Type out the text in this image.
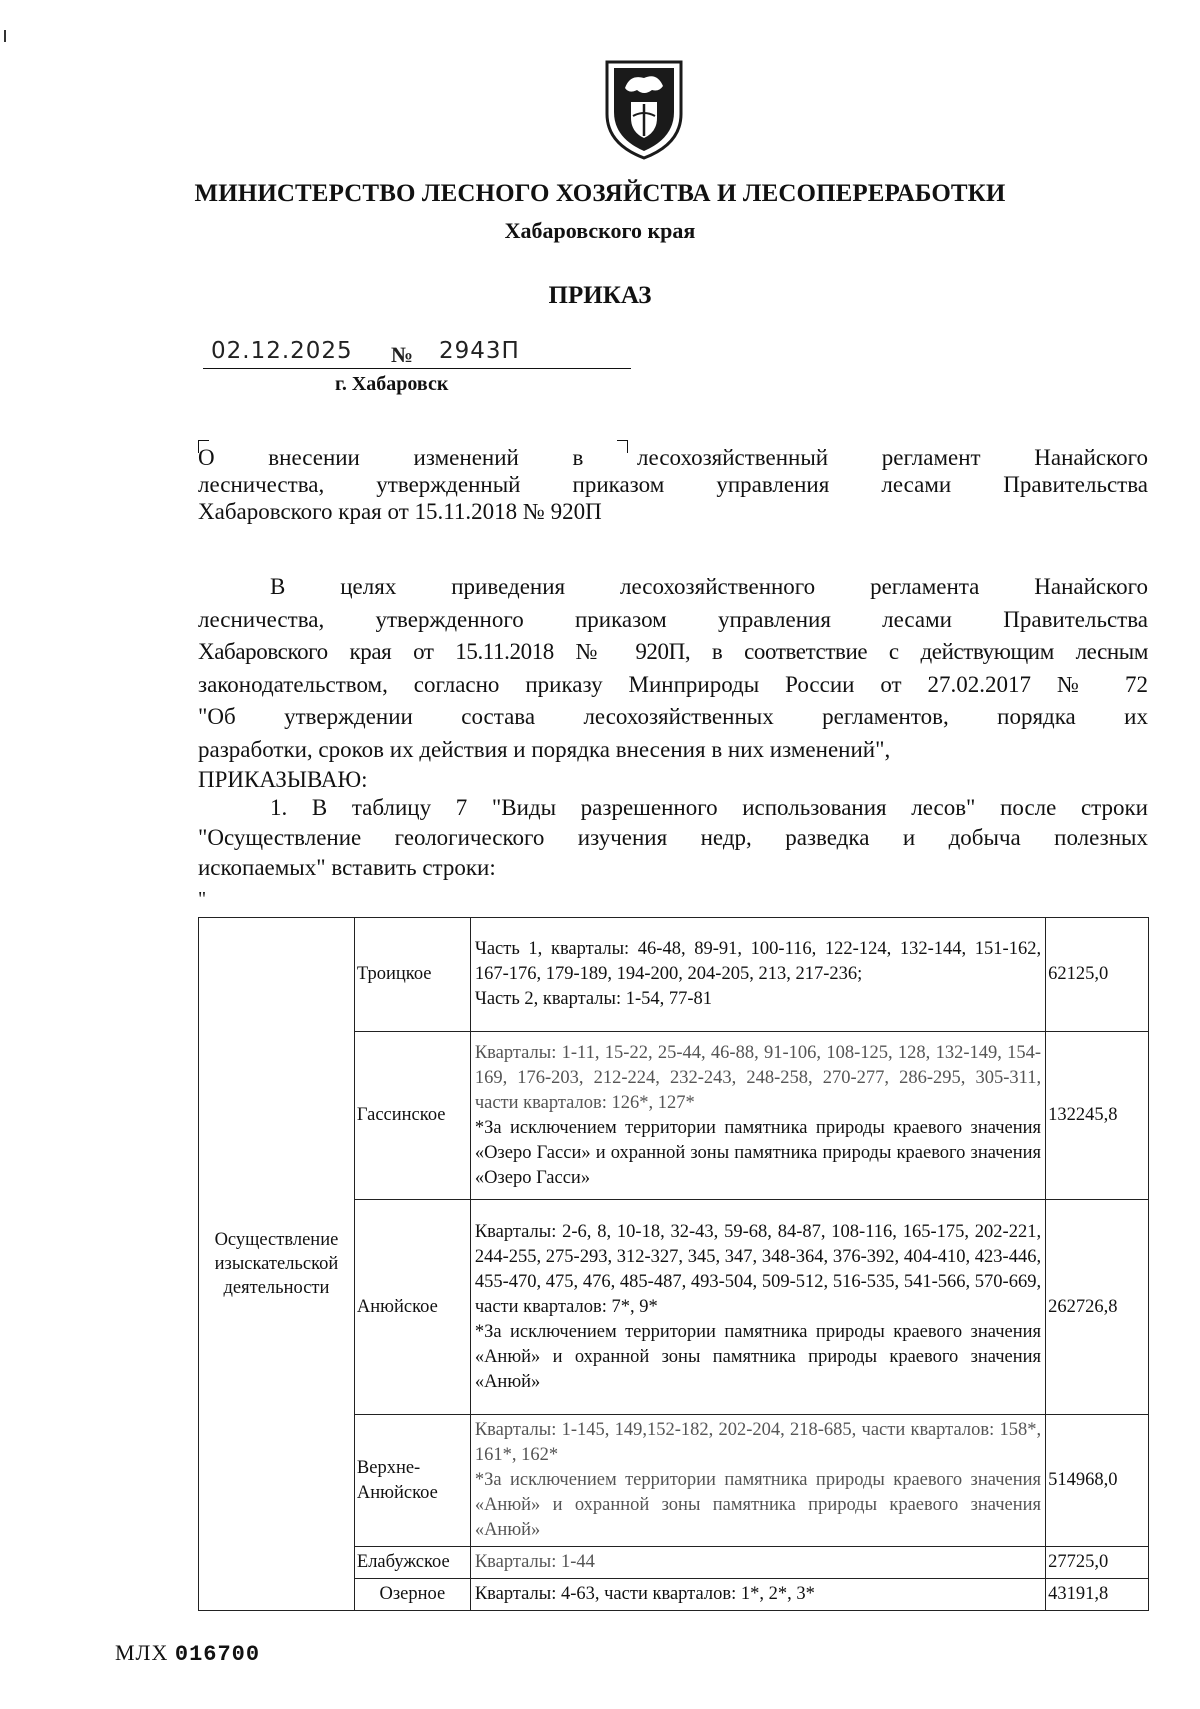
МИНИСТЕРСТВО ЛЕСНОГО ХОЗЯЙСТВА И ЛЕСОПЕРЕРАБОТКИ
Хабаровского края
ПРИКАЗ
02.12.2025 № 2943П
г. Хабаровск
О внесении изменений в лесохозяйственный регламент Нанайского
лесничества, утвержденный приказом управления лесами Правительства
Хабаровского края от 15.11.2018 № 920П

В целях приведения лесохозяйственного регламента Нанайского

лесничества, утвержденного приказом управления лесами Правительства

Хабаровского края от 15.11.2018 № 920П, в соответствие с действующим лесным

законодательством, согласно приказу Минприроды России от 27.02.2017 № 72

"Об утверждении состава лесохозяйственных регламентов, порядка их

разработки, сроков их действия и порядка внесения в них изменений",

ПРИКАЗЫВАЮ:

1. В таблицу 7 "Виды разрешенного использования лесов" после строки

"Осуществление геологического изучения недр, разведка и добыча полезных

ископаемых" вставить строки:

"
Осуществление изыскательской деятельности	Троицкое	Часть 1, кварталы: 46-48, 89-91, 100-116, 122-124, 132-144, 151-162, 167-176, 179-189, 194-200, 204-205, 213, 217-236;
Часть 2, кварталы: 1-54, 77-81	62125,0
	Гассинское	Кварталы: 1-11, 15-22, 25-44, 46-88, 91-106, 108-125, 128, 132-149, 154-169, 176-203, 212-224, 232-243, 248-258, 270-277, 286-295, 305-311, части кварталов: 126*, 127*
*За исключением территории памятника природы краевого значения «Озеро Гасси» и охранной зоны памятника природы краевого значения «Озеро Гасси»	132245,8
	Анюйское	Кварталы: 2-6, 8, 10-18, 32-43, 59-68, 84-87, 108-116, 165-175, 202-221, 244-255, 275-293, 312-327, 345, 347, 348-364, 376-392, 404-410, 423-446, 455-470, 475, 476, 485-487, 493-504, 509-512, 516-535, 541-566, 570-669, части кварталов: 7*, 9*
*За исключением территории памятника природы краевого значения «Анюй» и охранной зоны памятника природы краевого значения «Анюй»	262726,8
	Верхне-Анюйское	Кварталы: 1-145, 149,152-182, 202-204, 218-685, части кварталов: 158*, 161*, 162*
*За исключением территории памятника природы краевого значения «Анюй» и охранной зоны памятника природы краевого значения «Анюй»	514968,0
	Елабужское	Кварталы: 1-44	27725,0
	Озерное	Кварталы: 4-63, части кварталов: 1*, 2*, 3*	43191,8
МЛХ 016700
